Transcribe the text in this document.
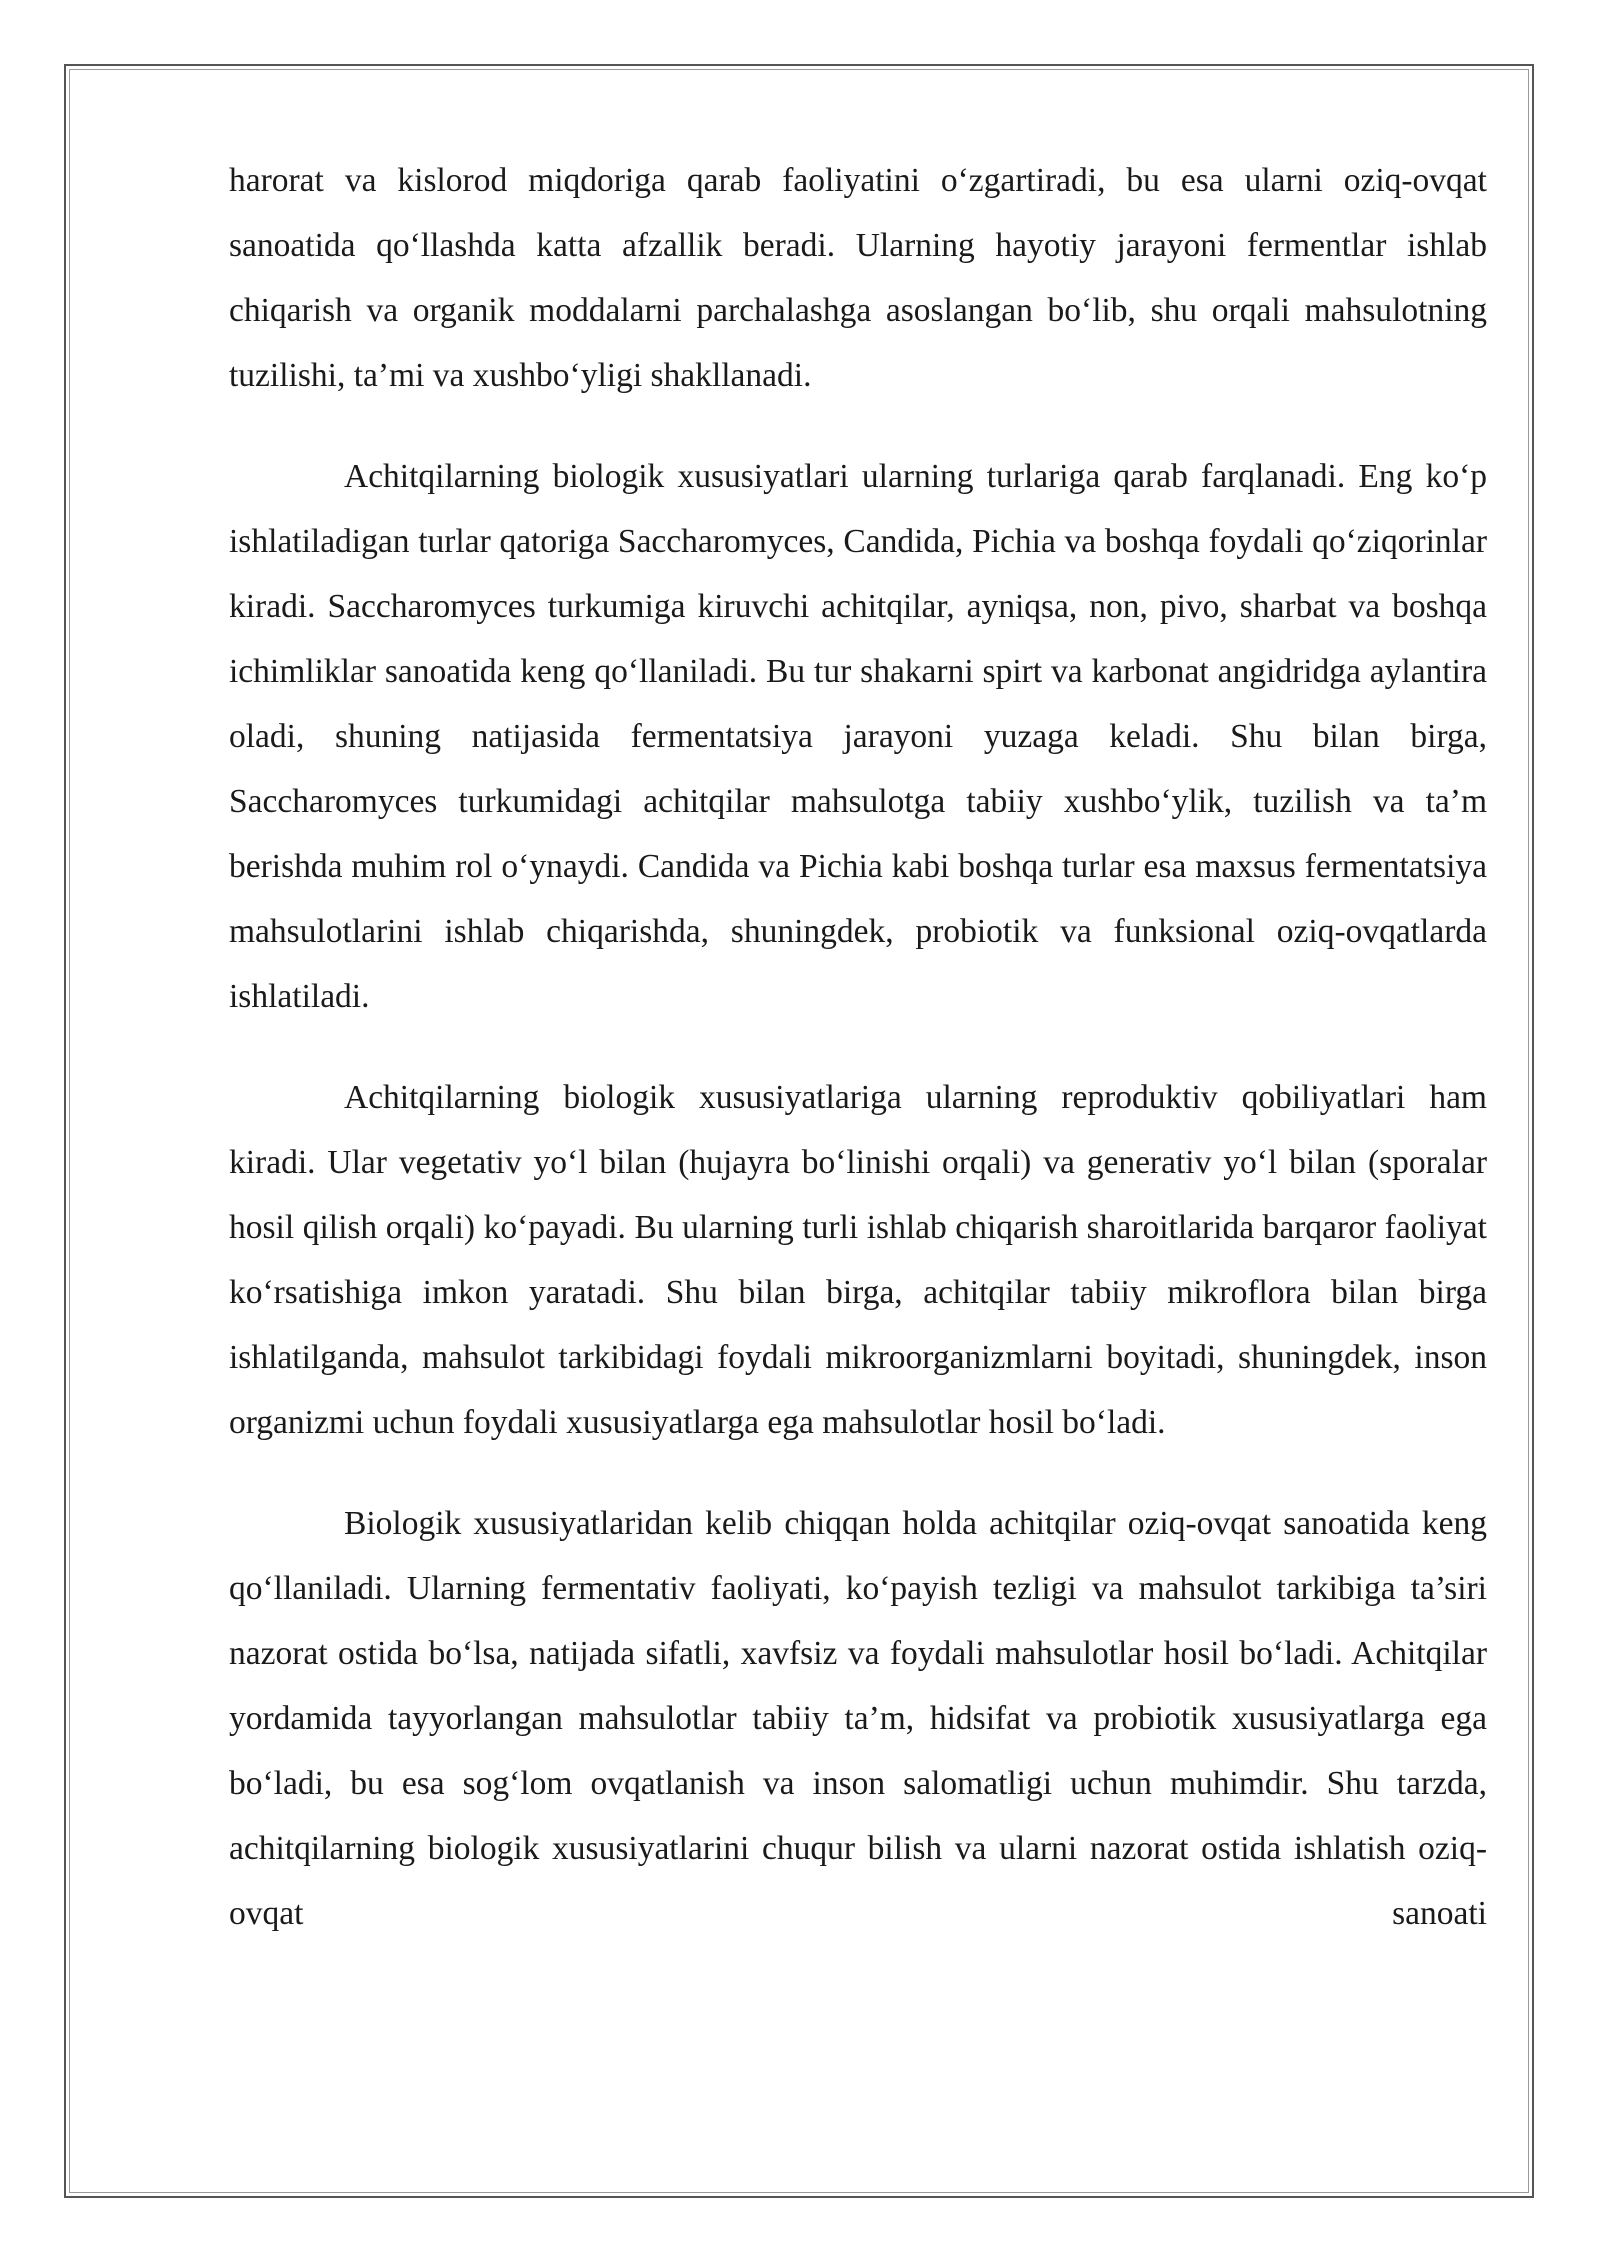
harorat va kislorod miqdoriga qarab faoliyatini o‘zgartiradi, bu esa ularni oziq-ovqat sanoatida qo‘llashda katta afzallik beradi. Ularning hayotiy jarayoni fermentlar ishlab chiqarish va organik moddalarni parchalashga asoslangan bo‘lib, shu orqali mahsulotning tuzilishi, ta’mi va xushbo‘yligi shakllanadi.

Achitqilarning biologik xususiyatlari ularning turlariga qarab farqlanadi. Eng ko‘p ishlatiladigan turlar qatoriga Saccharomyces, Candida, Pichia va boshqa foydali qo‘ziqorinlar kiradi. Saccharomyces turkumiga kiruvchi achitqilar, ayniqsa, non, pivo, sharbat va boshqa ichimliklar sanoatida keng qo‘llaniladi. Bu tur shakarni spirt va karbonat angidridga aylantira oladi, shuning natijasida fermentatsiya jarayoni yuzaga keladi. Shu bilan birga, Saccharomyces turkumidagi achitqilar mahsulotga tabiiy xushbo‘ylik, tuzilish va ta’m berishda muhim rol o‘ynaydi. Candida va Pichia kabi boshqa turlar esa maxsus fermentatsiya mahsulotlarini ishlab chiqarishda, shuningdek, probiotik va funksional oziq-ovqatlarda ishlatiladi.

Achitqilarning biologik xususiyatlariga ularning reproduktiv qobiliyatlari ham kiradi. Ular vegetativ yo‘l bilan (hujayra bo‘linishi orqali) va generativ yo‘l bilan (sporalar hosil qilish orqali) ko‘payadi. Bu ularning turli ishlab chiqarish sharoitlarida barqaror faoliyat ko‘rsatishiga imkon yaratadi. Shu bilan birga, achitqilar tabiiy mikroflora bilan birga ishlatilganda, mahsulot tarkibidagi foydali mikroorganizmlarni boyitadi, shuningdek, inson organizmi uchun foydali xususiyatlarga ega mahsulotlar hosil bo‘ladi.

Biologik xususiyatlaridan kelib chiqqan holda achitqilar oziq-ovqat sanoatida keng qo‘llaniladi. Ularning fermentativ faoliyati, ko‘payish tezligi va mahsulot tarkibiga ta’siri nazorat ostida bo‘lsa, natijada sifatli, xavfsiz va foydali mahsulotlar hosil bo‘ladi. Achitqilar yordamida tayyorlangan mahsulotlar tabiiy ta’m, hidsifat va probiotik xususiyatlarga ega bo‘ladi, bu esa sog‘lom ovqatlanish va inson salomatligi uchun muhimdir. Shu tarzda, achitqilarning biologik xususiyatlarini chuqur bilish va ularni nazorat ostida ishlatish oziq-ovqat sanoati
